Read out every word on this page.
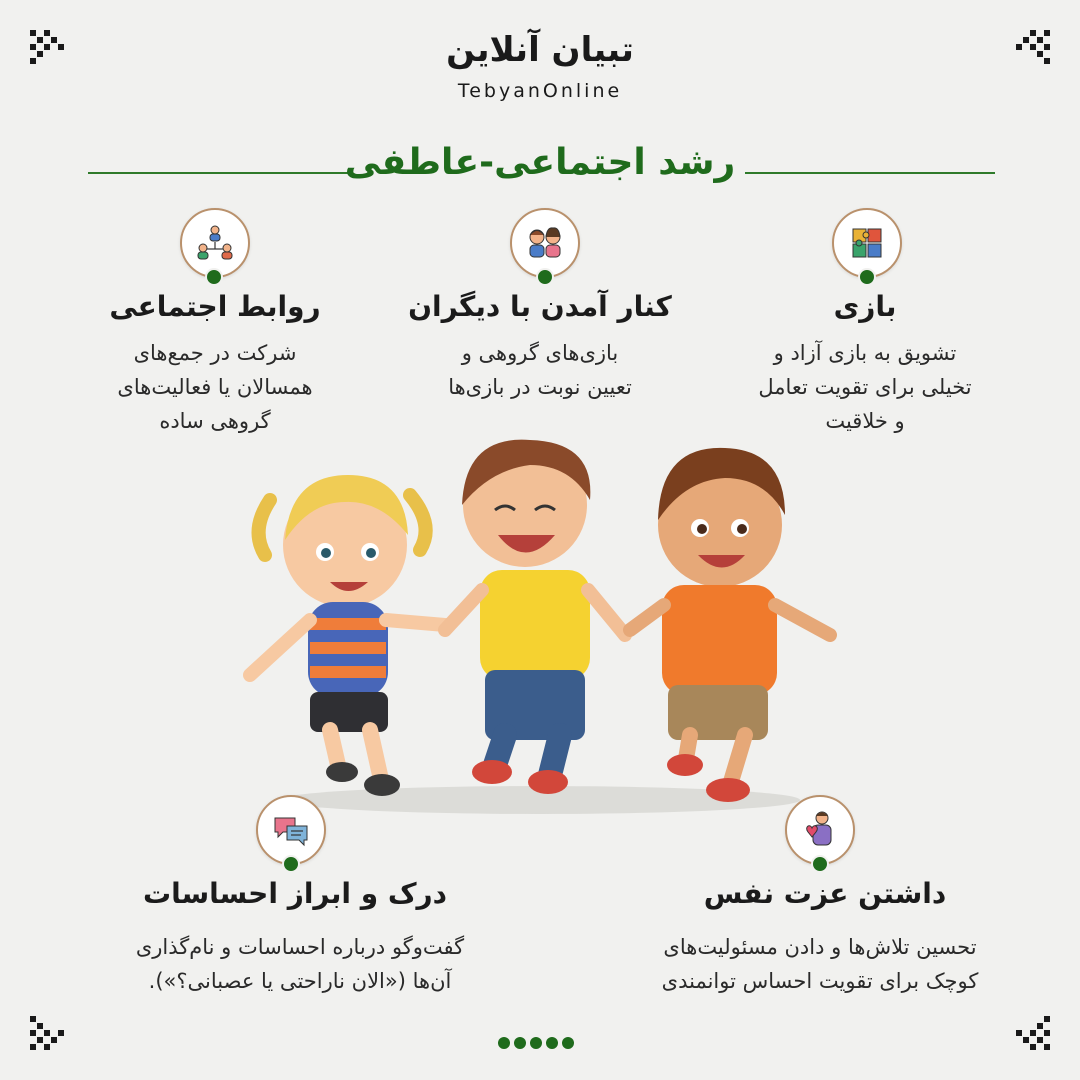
تبیان آنلاین
TebyanOnline
رشد اجتماعی-عاطفی
روابط اجتماعی
شرکت در جمع‌های
همسالان یا فعالیت‌های
گروهی ساده
کنار آمدن با دیگران
بازی‌های گروهی و
تعیین نوبت در بازی‌ها
بازی
تشویق به بازی آزاد و
تخیلی برای تقویت تعامل
و خلاقیت
درک و ابراز احساسات
گفت‌وگو درباره احساسات و نام‌گذاری
آن‌ها («الان ناراحتی یا عصبانی؟»).
داشتن عزت نفس
تحسین تلاش‌ها و دادن مسئولیت‌های
کوچک برای تقویت احساس توانمندی
